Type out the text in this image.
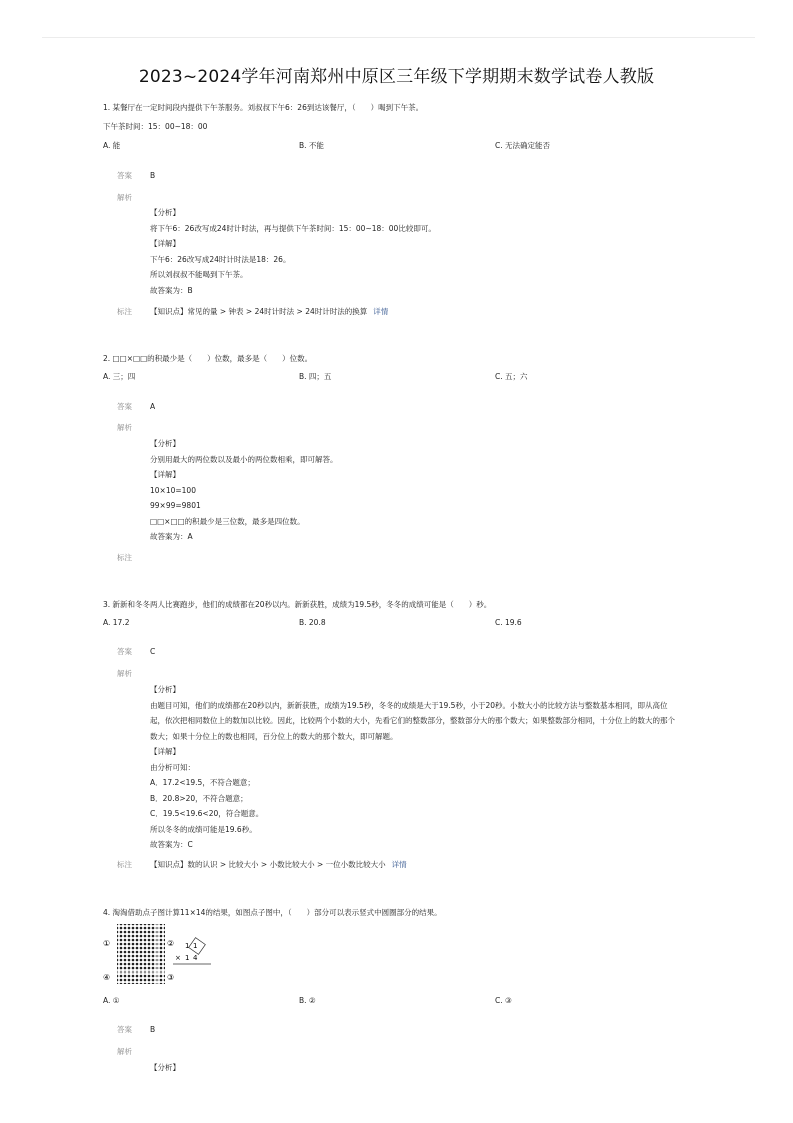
2023~2024学年河南郑州中原区三年级下学期期末数学试卷人教版
1. 某餐厅在一定时间段内提供下午茶服务。刘叔叔下午6：26到达该餐厅，（　　）喝到下午茶。
下午茶时间：15：00~18：00
A. 能	B. 不能	C. 无法确定能否
答案 B
解析
【分析】
将下午6：26改写成24时计时法，再与提供下午茶时间：15：00~18：00比较即可。
【详解】
下午6：26改写成24时计时法是18：26。
所以刘叔叔不能喝到下午茶。
故答案为：B
标注 【知识点】常见的量 > 钟表 > 24时计时法 > 24时计时法的换算 详情
2. □□×□□的积最少是（　　）位数，最多是（　　）位数。
A. 三；四	B. 四；五	C. 五；六
答案 A
解析
【分析】
分别用最大的两位数以及最小的两位数相乘，即可解答。
【详解】
10×10=100
99×99=9801
□□×□□的积最少是三位数，最多是四位数。
故答案为：A
标注
3. 新新和冬冬两人比赛跑步，他们的成绩都在20秒以内。新新获胜，成绩为19.5秒，冬冬的成绩可能是（　　）秒。
A. 17.2	B. 20.8	C. 19.6
答案 C
解析
【分析】
由题目可知，他们的成绩都在20秒以内，新新获胜，成绩为19.5秒，冬冬的成绩是大于19.5秒，小于20秒。小数大小的比较方法与整数基本相同，即从高位起，依次把相同数位上的数加以比较。因此，比较两个小数的大小，先看它们的整数部分，整数部分大的那个数大；如果整数部分相同，十分位上的数大的那个数大；如果十分位上的数也相同，百分位上的数大的那个数大，即可解题。
【详解】
由分析可知：
A．17.2<19.5，不符合题意；
B．20.8>20，不符合题意；
C．19.5<19.6<20，符合题意。
所以冬冬的成绩可能是19.6秒。
故答案为：C
标注 【知识点】数的认识 > 比较大小 > 小数比较大小 > 一位小数比较大小 详情
4. 淘淘借助点子图计算11×14的结果，如图点子图中，（　　）部分可以表示竖式中圆圈部分的结果。
①	②
④	③
1 1
× 1 4
A. ①	B. ②	C. ③
答案 B
解析
【分析】
